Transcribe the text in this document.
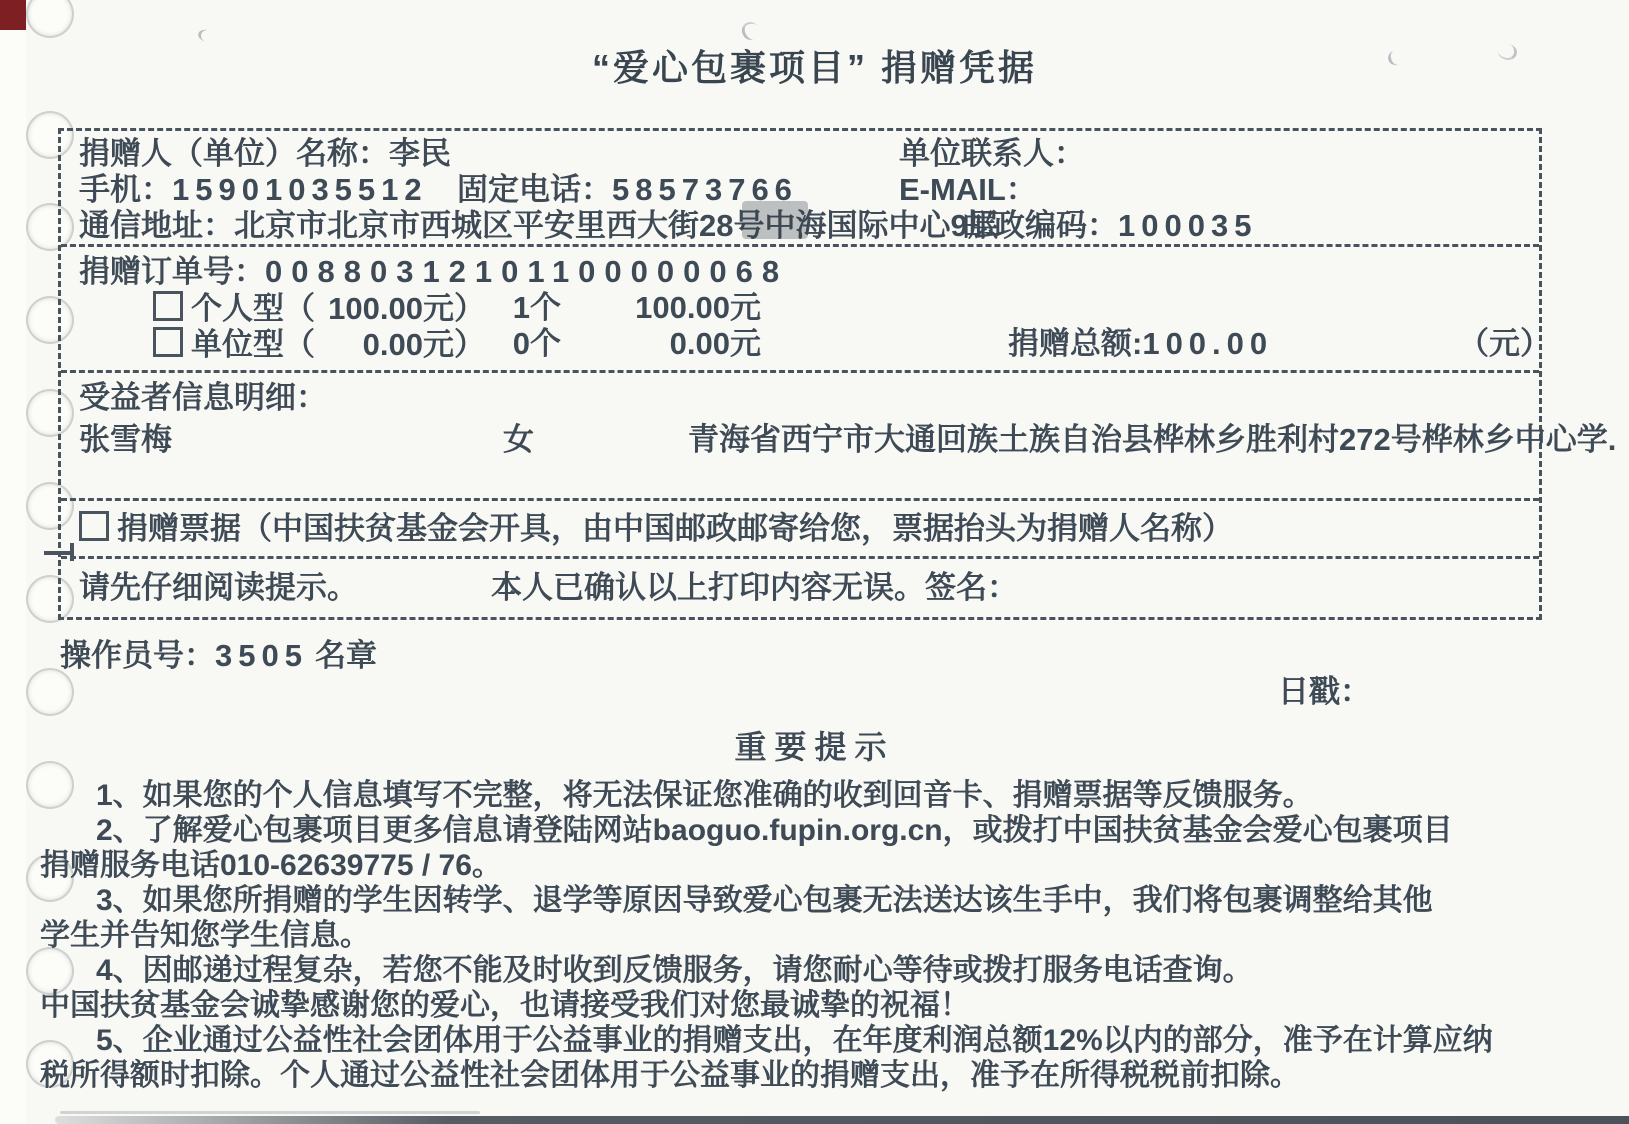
“爱心包裹项目” 捐赠凭据
捐赠人（单位）名称：李民	单位联系人：
手机：15901035512 固定电话：58573766	E-MAIL：
通信地址：北京市北京市西城区平安里西大街28号中海国际中心9层
邮政编码：100035
捐赠订单号：00880312101100000068
个人型（ 100.00元） 1个	100.00元
单位型（ 0.00元） 0个	0.00元	捐赠总额:100.00	（元）
受益者信息明细：
张雪梅	女	青海省西宁市大通回族土族自治县桦林乡胜利村272号桦林乡中心学.
捐赠票据（中国扶贫基金会开具，由中国邮政邮寄给您，票据抬头为捐赠人名称）
请先仔细阅读提示。	本人已确认以上打印内容无误。签名：
操作员号：3505 名章
日戳：
重要提示
1、如果您的个人信息填写不完整，将无法保证您准确的收到回音卡、捐赠票据等反馈服务。
2、了解爱心包裹项目更多信息请登陆网站baoguo.fupin.org.cn，或拨打中国扶贫基金会爱心包裹项目
捐赠服务电话010-62639775 / 76。
3、如果您所捐赠的学生因转学、退学等原因导致爱心包裹无法送达该生手中，我们将包裹调整给其他
学生并告知您学生信息。
4、因邮递过程复杂，若您不能及时收到反馈服务，请您耐心等待或拨打服务电话查询。
中国扶贫基金会诚挚感谢您的爱心，也请接受我们对您最诚挚的祝福！
5、企业通过公益性社会团体用于公益事业的捐赠支出，在年度利润总额12%以内的部分，准予在计算应纳
税所得额时扣除。个人通过公益性社会团体用于公益事业的捐赠支出，准予在所得税税前扣除。
